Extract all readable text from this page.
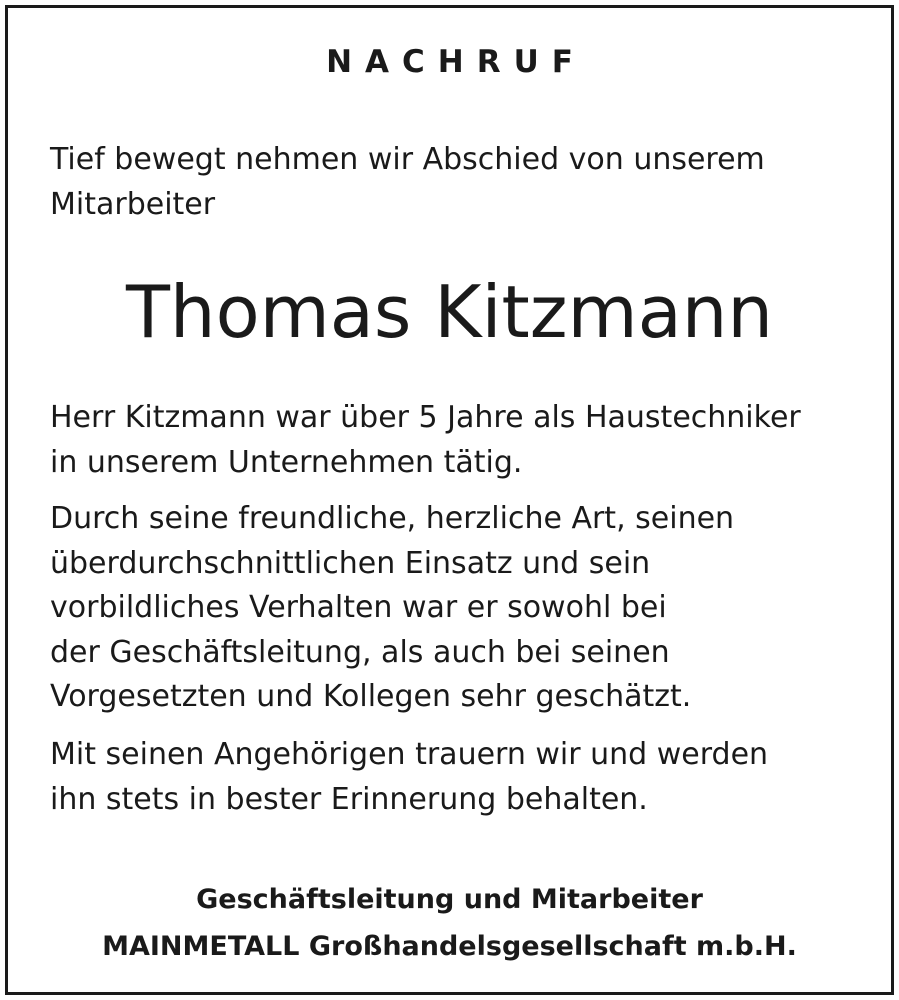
NACHRUF
Tief bewegt nehmen wir Abschied von unserem
Mitarbeiter
Thomas Kitzmann
Herr Kitzmann war über 5 Jahre als Haustechniker
in unserem Unternehmen tätig.
Durch seine freundliche, herzliche Art, seinen
überdurchschnittlichen Einsatz und sein
vorbildliches Verhalten war er sowohl bei
der Geschäftsleitung, als auch bei seinen
Vorgesetzten und Kollegen sehr geschätzt.
Mit seinen Angehörigen trauern wir und werden
ihn stets in bester Erinnerung behalten.
Geschäftsleitung und Mitarbeiter
MAINMETALL Großhandelsgesellschaft m.b.H.
